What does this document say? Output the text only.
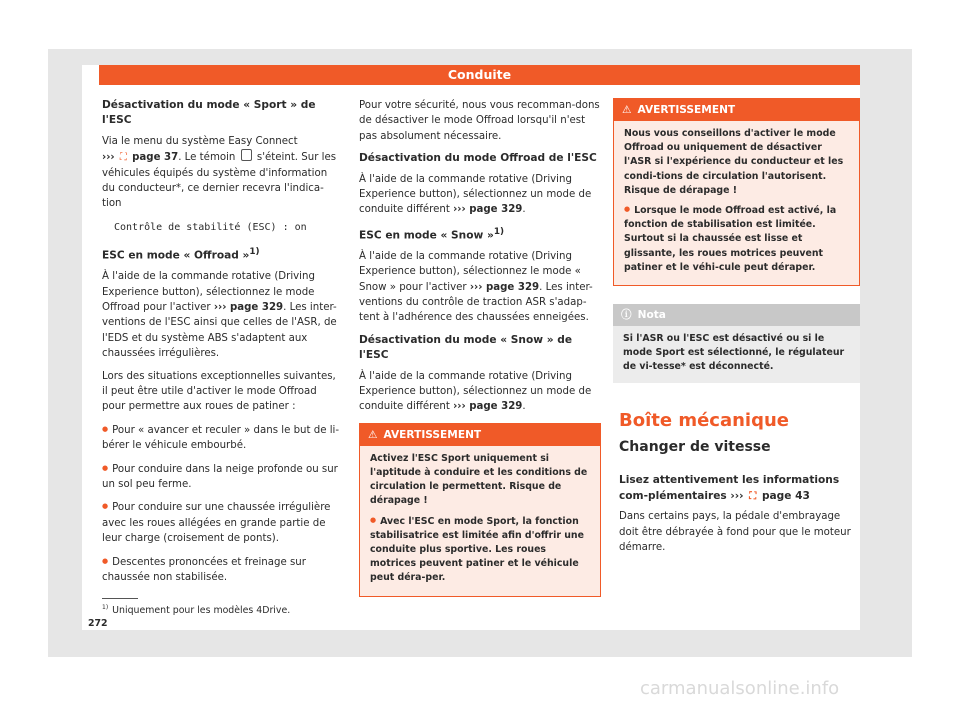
Conduite
Désactivation du mode « Sport » de l'ESC

Via le menu du système Easy Connect
››› ⛶ page 37. Le témoin s'éteint. Sur les véhicules équipés du système d'information du conducteur*, ce dernier recevra l'indica-tion

Contrôle de stabilité (ESC) : on
ESC en mode « Offroad »$^{1)}$

À l'aide de la commande rotative (Driving Experience button), sélectionnez le mode Offroad pour l'activer ››› page 329. Les inter-ventions de l'ESC ainsi que celles de l'ASR, de l'EDS et du système ABS s'adaptent aux chaussées irrégulières.

Lors des situations exceptionnelles suivantes, il peut être utile d'activer le mode Offroad pour permettre aux roues de patiner :

● Pour « avancer et reculer » dans le but de li-bérer le véhicule embourbé.

● Pour conduire dans la neige profonde ou sur un sol peu ferme.

● Pour conduire sur une chaussée irrégulière avec les roues allégées en grande partie de leur charge (croisement de ponts).

● Descentes prononcées et freinage sur chaussée non stabilisée.

Pour votre sécurité, nous vous recomman-dons de désactiver le mode Offroad lorsqu'il n'est pas absolument nécessaire.

Désactivation du mode Offroad de l'ESC

À l'aide de la commande rotative (Driving Experience button), sélectionnez un mode de conduite différent ››› page 329.

ESC en mode « Snow »$^{1)}$

À l'aide de la commande rotative (Driving Experience button), sélectionnez le mode « Snow » pour l'activer ››› page 329. Les inter-ventions du contrôle de traction ASR s'adap-tent à l'adhérence des chaussées enneigées.

Désactivation du mode « Snow » de l'ESC

À l'aide de la commande rotative (Driving Experience button), sélectionnez un mode de conduite différent ››› page 329.

⚠ AVERTISSEMENT

Activez l'ESC Sport uniquement si l'aptitude à conduire et les conditions de circulation le permettent. Risque de dérapage !

● Avec l'ESC en mode Sport, la fonction stabilisatrice est limitée afin d'offrir une conduite plus sportive. Les roues motrices peuvent patiner et le véhicule peut déra-per.

⚠ AVERTISSEMENT

Nous vous conseillons d'activer le mode Offroad ou uniquement de désactiver l'ASR si l'expérience du conducteur et les condi-tions de circulation l'autorisent. Risque de dérapage !

● Lorsque le mode Offroad est activé, la fonction de stabilisation est limitée. Surtout si la chaussée est lisse et glissante, les roues motrices peuvent patiner et le véhi-cule peut déraper.

ⓘ Nota
Si l'ASR ou l'ESC est désactivé ou si le mode Sport est sélectionné, le régulateur de vi-tesse* est déconnecté.
Boîte mécanique
Changer de vitesse
Lisez attentivement les informations com-plémentaires ››› ⛶ page 43

Dans certains pays, la pédale d'embrayage doit être débrayée à fond pour que le moteur démarre.

$^{1)}$ Uniquement pour les modèles 4Drive.
272
carmanualsonline.info
